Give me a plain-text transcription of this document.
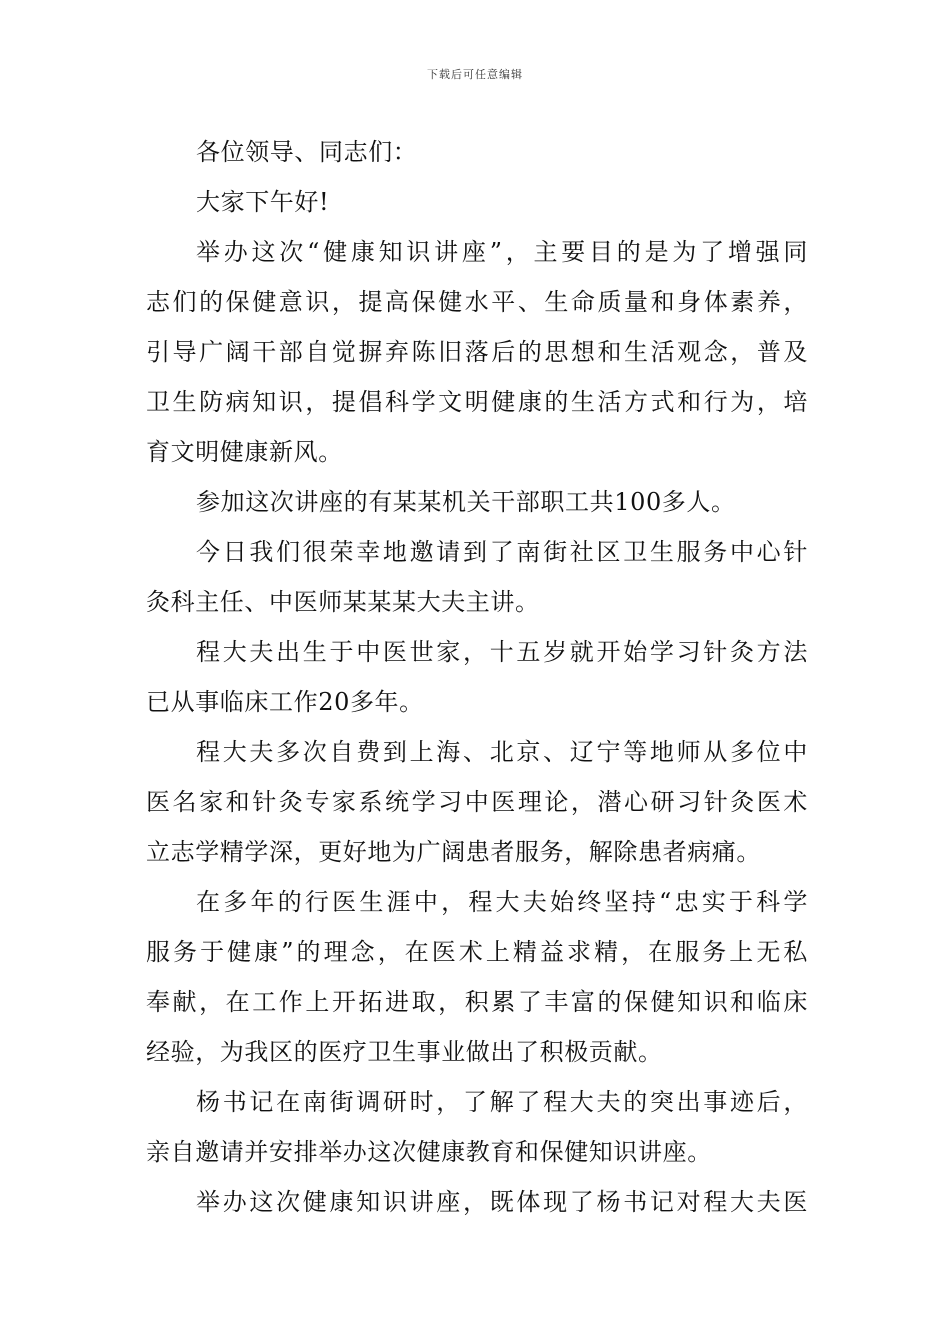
下载后可任意编辑
各位领导、同志们：
大家下午好!
举办这次“健康知识讲座”，主要目的是为了增强同
志们的保健意识，提高保健水平、生命质量和身体素养，
引导广阔干部自觉摒弃陈旧落后的思想和生活观念，普及
卫生防病知识，提倡科学文明健康的生活方式和行为，培
育文明健康新风。
参加这次讲座的有某某机关干部职工共100多人。
今日我们很荣幸地邀请到了南街社区卫生服务中心针
灸科主任、中医师某某某大夫主讲。
程大夫出生于中医世家，十五岁就开始学习针灸方法
已从事临床工作20多年。
程大夫多次自费到上海、北京、辽宁等地师从多位中
医名家和针灸专家系统学习中医理论，潜心研习针灸医术
立志学精学深，更好地为广阔患者服务，解除患者病痛。
在多年的行医生涯中，程大夫始终坚持“忠实于科学
服务于健康”的理念，在医术上精益求精，在服务上无私
奉献，在工作上开拓进取，积累了丰富的保健知识和临床
经验，为我区的医疗卫生事业做出了积极贡献。
杨书记在南街调研时，了解了程大夫的突出事迹后，
亲自邀请并安排举办这次健康教育和保健知识讲座。
举办这次健康知识讲座，既体现了杨书记对程大夫医
